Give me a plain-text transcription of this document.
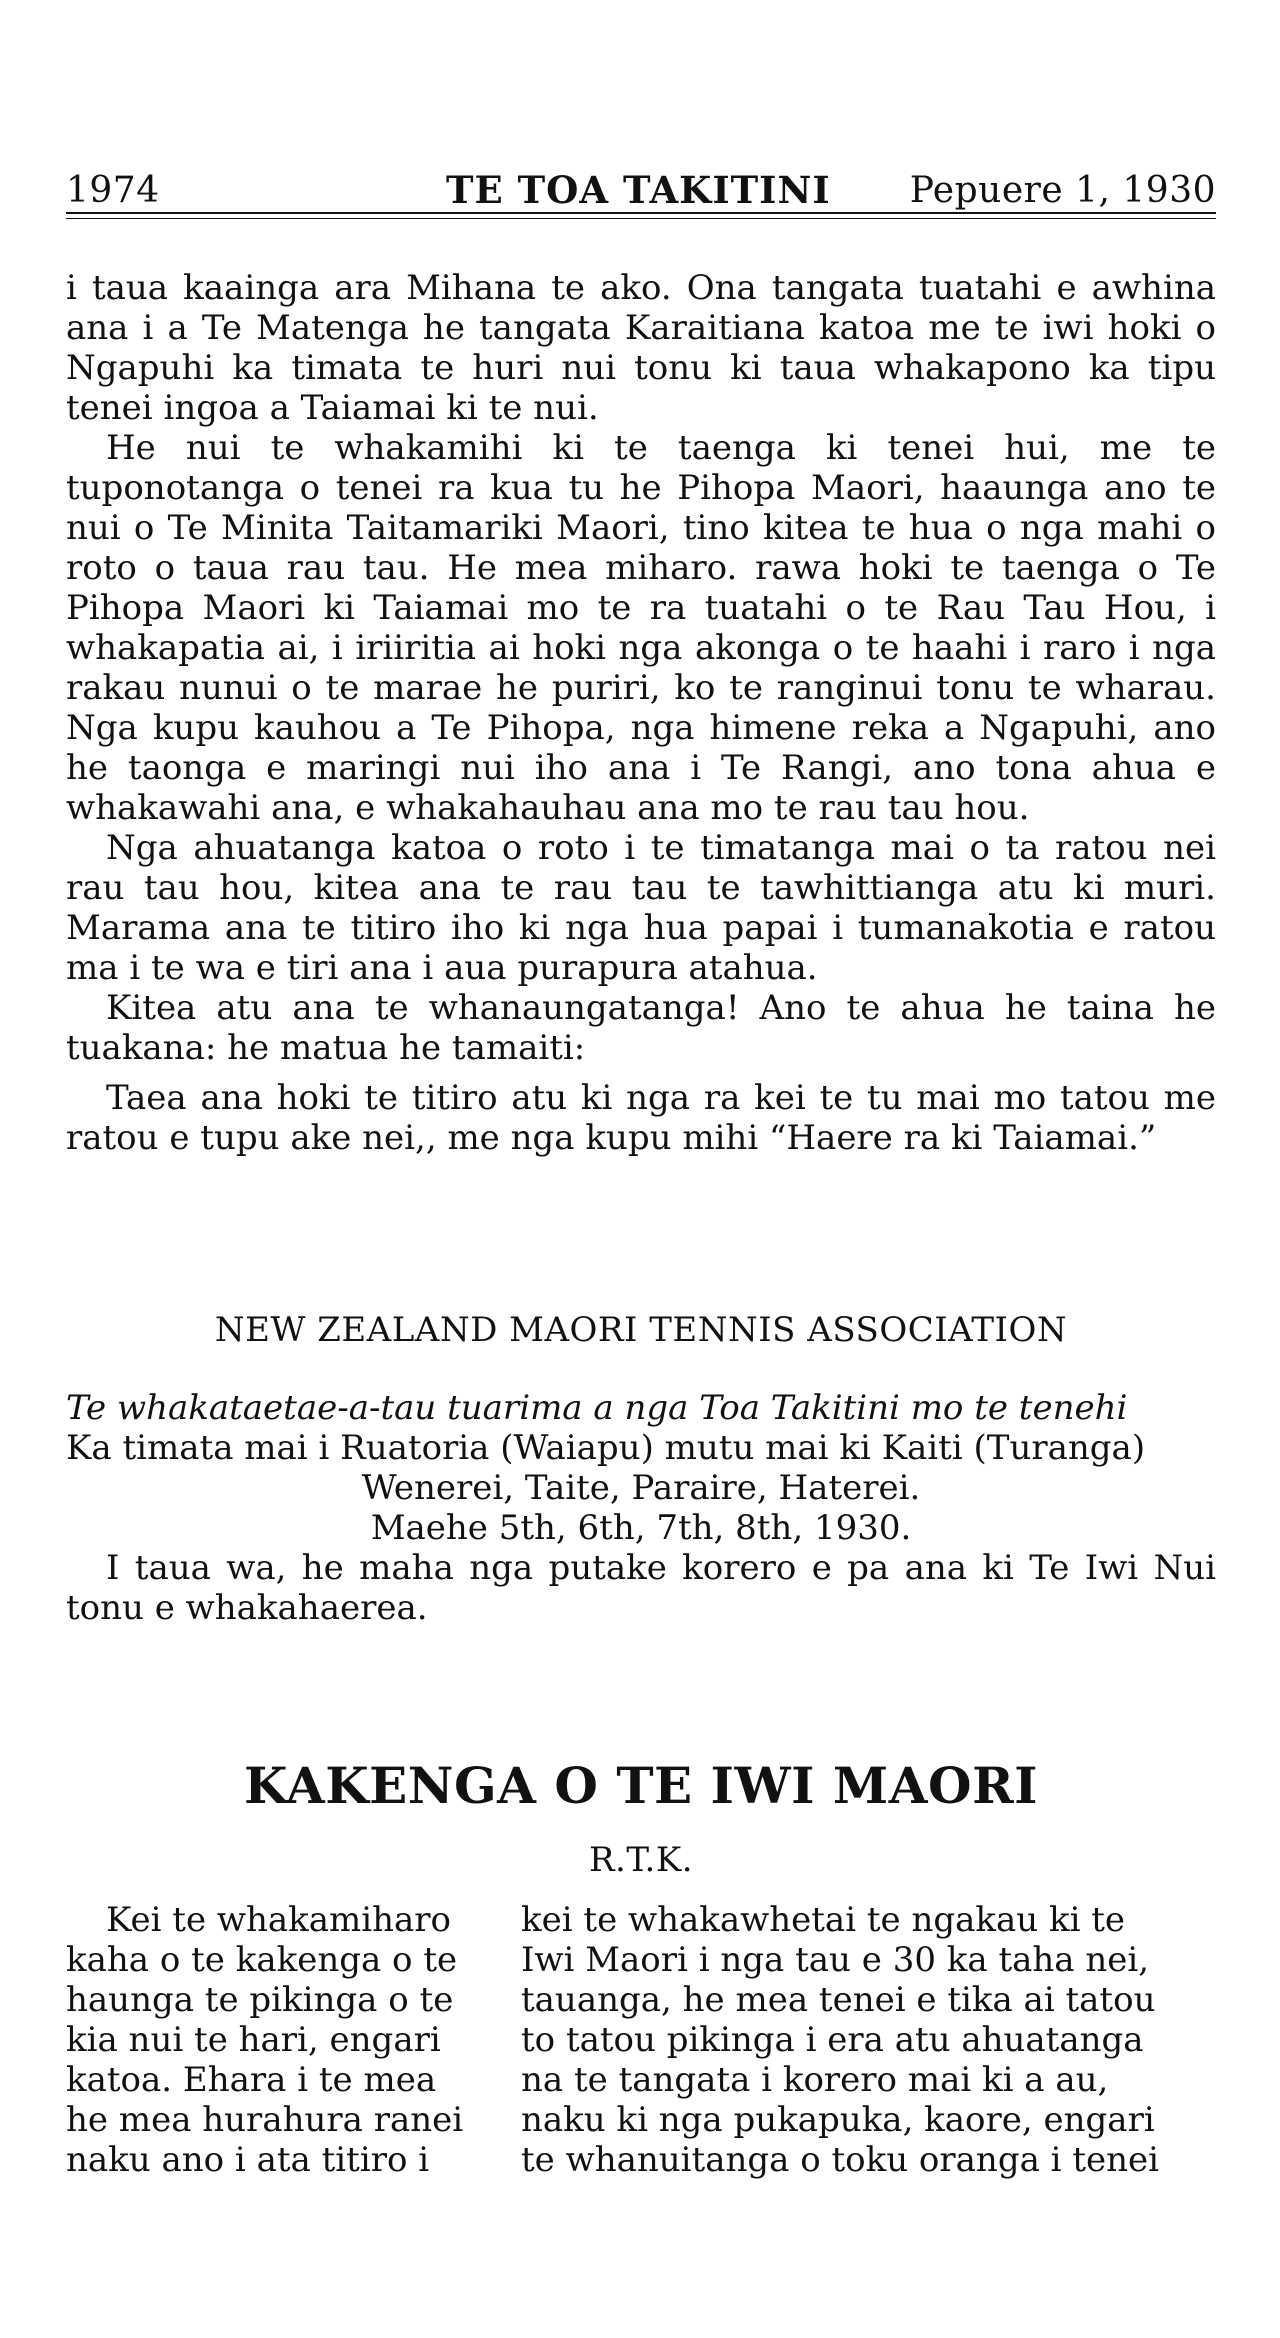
1974	TE TOA TAKITINI Pepuere 1, 1930

i taua kaainga ara Mihana te ako. Ona tangata tuatahi e awhina ana i a Te Matenga he tangata Karaitiana katoa me te iwi hoki o Ngapuhi ka timata te huri nui tonu ki taua whakapono ka tipu tenei ingoa a Taiamai ki te nui.

He nui te whakamihi ki te taenga ki tenei hui, me te tuponotanga o tenei ra kua tu he Pihopa Maori, haaunga ano te nui o Te Minita Taitamariki Maori, tino kitea te hua o nga mahi o roto o taua rau tau. He mea miharo. rawa hoki te taenga o Te Pihopa Maori ki Taiamai mo te ra tuatahi o te Rau Tau Hou, i whakapatia ai, i iriiritia ai hoki nga akonga o te haahi i raro i nga rakau nunui o te marae he puriri, ko te ranginui tonu te wharau. Nga kupu kauhou a Te Pihopa, nga himene reka a Ngapuhi, ano he taonga e maringi nui iho ana i Te Rangi, ano tona ahua e whakawahi ana, e whakahauhau ana mo te rau tau hou.

Nga ahuatanga katoa o roto i te timatanga mai o ta ratou nei rau tau hou, kitea ana te rau tau te tawhittianga atu ki muri. Marama ana te titiro iho ki nga hua papai i tumanakotia e ratou ma i te wa e tiri ana i aua purapura atahua.

Kitea atu ana te whanaungatanga! Ano te ahua he taina he tuakana: he matua he tamaiti:

Taea ana hoki te titiro atu ki nga ra kei te tu mai mo tatou me ratou e tupu ake nei,, me nga kupu mihi “Haere ra ki Taiamai.”

NEW ZEALAND MAORI TENNIS ASSOCIATION

Te whakataetae-a-tau tuarima a nga Toa Takitini mo te tenehi

Ka timata mai i Ruatoria (Waiapu) mutu mai ki Kaiti (Turanga)

Wenerei, Taite, Paraire, Haterei.

Maehe 5th, 6th, 7th, 8th, 1930.

I taua wa, he maha nga putake korero e pa ana ki Te Iwi Nui tonu e whakahaerea.

KAKENGA O TE IWI MAORI
R.T.K.
Kei te whakamiharo
kaha o te kakenga o te
haunga te pikinga o te
kia nui te hari, engari
katoa. Ehara i te mea
he mea hurahura ranei
naku ano i ata titiro i
kei te whakawhetai te ngakau ki te
Iwi Maori i nga tau e 30 ka taha nei,
tauanga, he mea tenei e tika ai tatou
to tatou pikinga i era atu ahuatanga
na te tangata i korero mai ki a au,
naku ki nga pukapuka, kaore, engari
te whanuitanga o toku oranga i tenei
